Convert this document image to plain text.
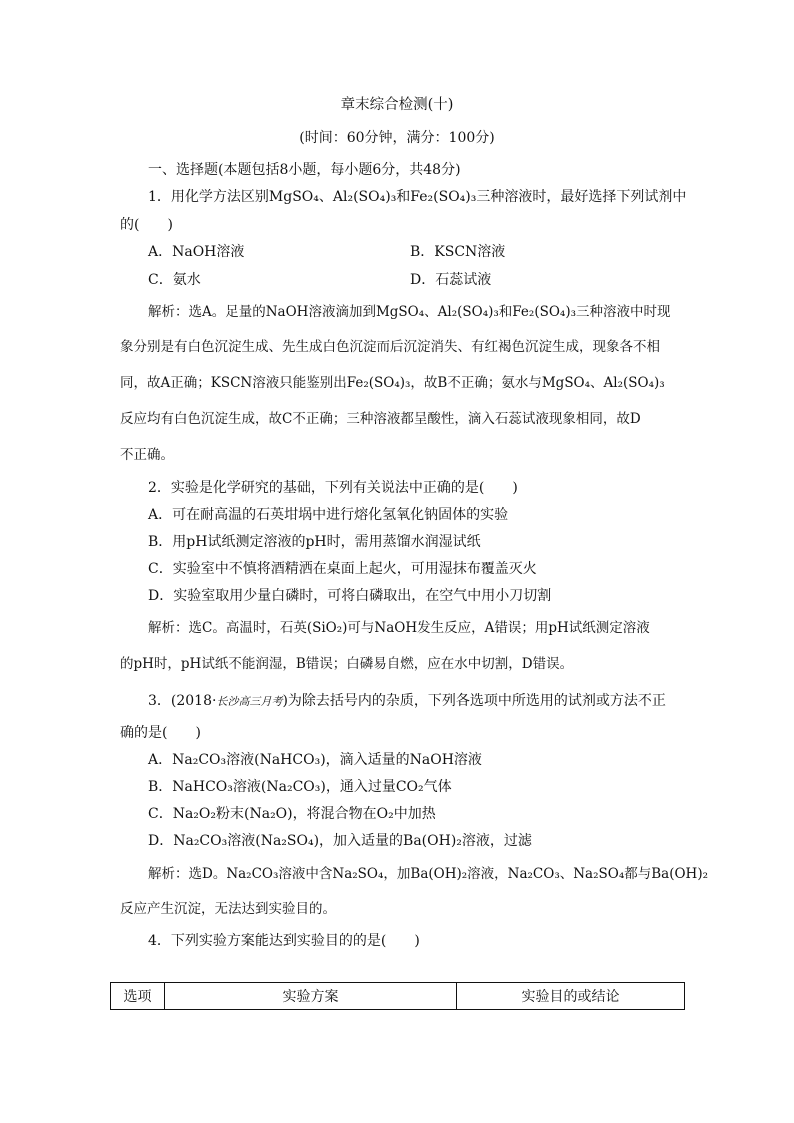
章末综合检测(十)
(时间：60分钟，满分：100分)
一、选择题(本题包括8小题，每小题6分，共48分)
1．用化学方法区别MgSO₄、Al₂(SO₄)₃和Fe₂(SO₄)₃三种溶液时，最好选择下列试剂中
的(　　)
A．NaOH溶液	B．KSCN溶液
C．氨水	D．石蕊试液
解析：选A。足量的NaOH溶液滴加到MgSO₄、Al₂(SO₄)₃和Fe₂(SO₄)₃三种溶液中时现
象分别是有白色沉淀生成、先生成白色沉淀而后沉淀消失、有红褐色沉淀生成，现象各不相
同，故A正确；KSCN溶液只能鉴别出Fe₂(SO₄)₃，故B不正确；氨水与MgSO₄、Al₂(SO₄)₃
反应均有白色沉淀生成，故C不正确；三种溶液都呈酸性，滴入石蕊试液现象相同，故D
不正确。
2．实验是化学研究的基础，下列有关说法中正确的是(　　)
A．可在耐高温的石英坩埚中进行熔化氢氧化钠固体的实验
B．用pH试纸测定溶液的pH时，需用蒸馏水润湿试纸
C．实验室中不慎将酒精洒在桌面上起火，可用湿抹布覆盖灭火
D．实验室取用少量白磷时，可将白磷取出，在空气中用小刀切割
解析：选C。高温时，石英(SiO₂)可与NaOH发生反应，A错误；用pH试纸测定溶液
的pH时，pH试纸不能润湿，B错误；白磷易自燃，应在水中切割，D错误。
3．(2018·长沙高三月考)为除去括号内的杂质，下列各选项中所选用的试剂或方法不正
确的是(　　)
A．Na₂CO₃溶液(NaHCO₃)，滴入适量的NaOH溶液
B．NaHCO₃溶液(Na₂CO₃)，通入过量CO₂气体
C．Na₂O₂粉末(Na₂O)，将混合物在O₂中加热
D．Na₂CO₃溶液(Na₂SO₄)，加入适量的Ba(OH)₂溶液，过滤
解析：选D。Na₂CO₃溶液中含Na₂SO₄，加Ba(OH)₂溶液，Na₂CO₃、Na₂SO₄都与Ba(OH)₂
反应产生沉淀，无法达到实验目的。
4．下列实验方案能达到实验目的的是(　　)
选项	实验方案	实验目的或结论
